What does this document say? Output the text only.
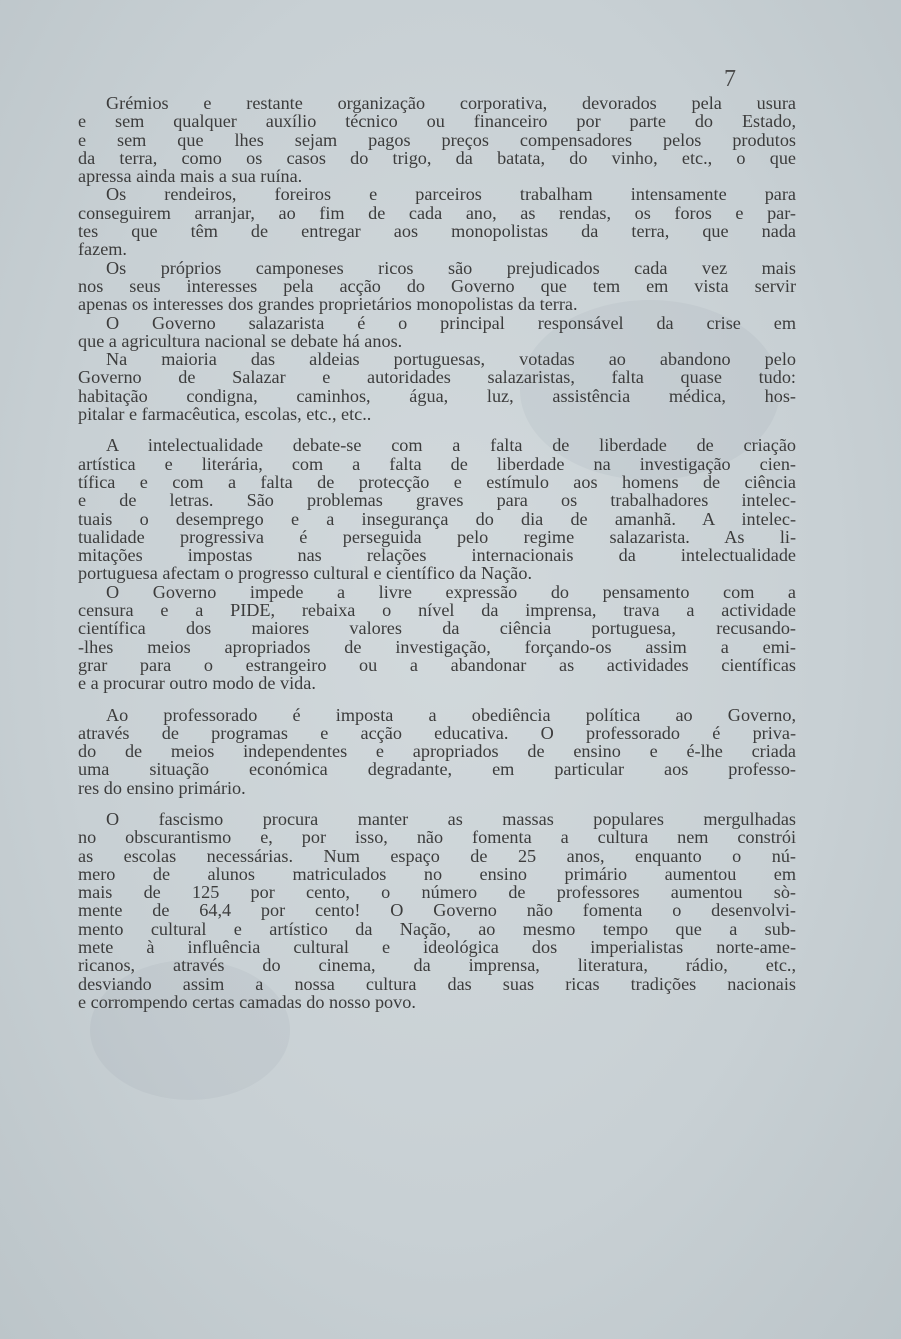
7
Grémios e restante organização corporativa, devorados pela usura
e sem qualquer auxílio técnico ou financeiro por parte do Estado,
e sem que lhes sejam pagos preços compensadores pelos produtos
da terra, como os casos do trigo, da batata, do vinho, etc., o que
apressa ainda mais a sua ruína.
Os rendeiros, foreiros e parceiros trabalham intensamente para
conseguirem arranjar, ao fim de cada ano, as rendas, os foros e par-
tes que têm de entregar aos monopolistas da terra, que nada
fazem.
Os próprios camponeses ricos são prejudicados cada vez mais
nos seus interesses pela acção do Governo que tem em vista servir
apenas os interesses dos grandes proprietários monopolistas da terra.
O Governo salazarista é o principal responsável da crise em
que a agricultura nacional se debate há anos.
Na maioria das aldeias portuguesas, votadas ao abandono pelo
Governo de Salazar e autoridades salazaristas, falta quase tudo:
habitação condigna, caminhos, água, luz, assistência médica, hos-
pitalar e farmacêutica, escolas, etc., etc..
A intelectualidade debate-se com a falta de liberdade de criação
artística e literária, com a falta de liberdade na investigação cien-
tífica e com a falta de protecção e estímulo aos homens de ciência
e de letras. São problemas graves para os trabalhadores intelec-
tuais o desemprego e a insegurança do dia de amanhã. A intelec-
tualidade progressiva é perseguida pelo regime salazarista. As li-
mitações impostas nas relações internacionais da intelectualidade
portuguesa afectam o progresso cultural e científico da Nação.
O Governo impede a livre expressão do pensamento com a
censura e a PIDE, rebaixa o nível da imprensa, trava a actividade
científica dos maiores valores da ciência portuguesa, recusando-
-lhes meios apropriados de investigação, forçando-os assim a emi-
grar para o estrangeiro ou a abandonar as actividades científicas
e a procurar outro modo de vida.
Ao professorado é imposta a obediência política ao Governo,
através de programas e acção educativa. O professorado é priva-
do de meios independentes e apropriados de ensino e é-lhe criada
uma situação económica degradante, em particular aos professo-
res do ensino primário.
O fascismo procura manter as massas populares mergulhadas
no obscurantismo e, por isso, não fomenta a cultura nem constrói
as escolas necessárias. Num espaço de 25 anos, enquanto o nú-
mero de alunos matriculados no ensino primário aumentou em
mais de 125 por cento, o número de professores aumentou sò-
mente de 64,4 por cento! O Governo não fomenta o desenvolvi-
mento cultural e artístico da Nação, ao mesmo tempo que a sub-
mete à influência cultural e ideológica dos imperialistas norte-ame-
ricanos, através do cinema, da imprensa, literatura, rádio, etc.,
desviando assim a nossa cultura das suas ricas tradições nacionais
e corrompendo certas camadas do nosso povo.
